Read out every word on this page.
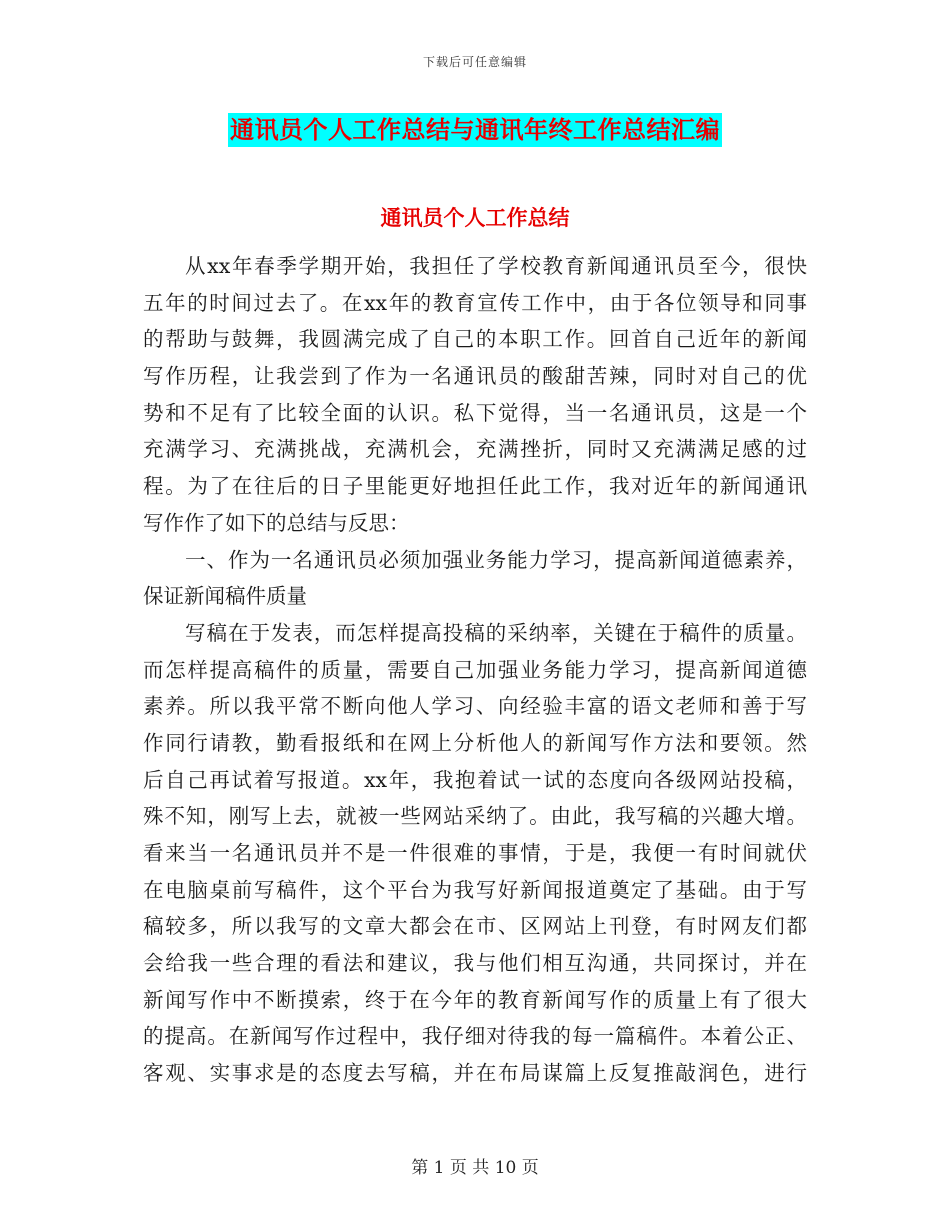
下载后可任意编辑
通讯员个人工作总结与通讯年终工作总结汇编
通讯员个人工作总结
从xx年春季学期开始，我担任了学校教育新闻通讯员至今，很快
五年的时间过去了。在xx年的教育宣传工作中，由于各位领导和同事
的帮助与鼓舞，我圆满完成了自己的本职工作。回首自己近年的新闻
写作历程，让我尝到了作为一名通讯员的酸甜苦辣，同时对自己的优
势和不足有了比较全面的认识。私下觉得，当一名通讯员，这是一个
充满学习、充满挑战，充满机会，充满挫折，同时又充满满足感的过
程。为了在往后的日子里能更好地担任此工作，我对近年的新闻通讯
写作作了如下的总结与反思：
一、作为一名通讯员必须加强业务能力学习，提高新闻道德素养，
保证新闻稿件质量
写稿在于发表，而怎样提高投稿的采纳率，关键在于稿件的质量。
而怎样提高稿件的质量，需要自己加强业务能力学习，提高新闻道德
素养。所以我平常不断向他人学习、向经验丰富的语文老师和善于写
作同行请教，勤看报纸和在网上分析他人的新闻写作方法和要领。然
后自己再试着写报道。xx年，我抱着试一试的态度向各级网站投稿，
殊不知，刚写上去，就被一些网站采纳了。由此，我写稿的兴趣大增。
看来当一名通讯员并不是一件很难的事情，于是，我便一有时间就伏
在电脑桌前写稿件，这个平台为我写好新闻报道奠定了基础。由于写
稿较多，所以我写的文章大都会在市、区网站上刊登，有时网友们都
会给我一些合理的看法和建议，我与他们相互沟通，共同探讨，并在
新闻写作中不断摸索，终于在今年的教育新闻写作的质量上有了很大
的提高。在新闻写作过程中，我仔细对待我的每一篇稿件。本着公正、
客观、实事求是的态度去写稿，并在布局谋篇上反复推敲润色，进行
第 1 页 共 10 页
